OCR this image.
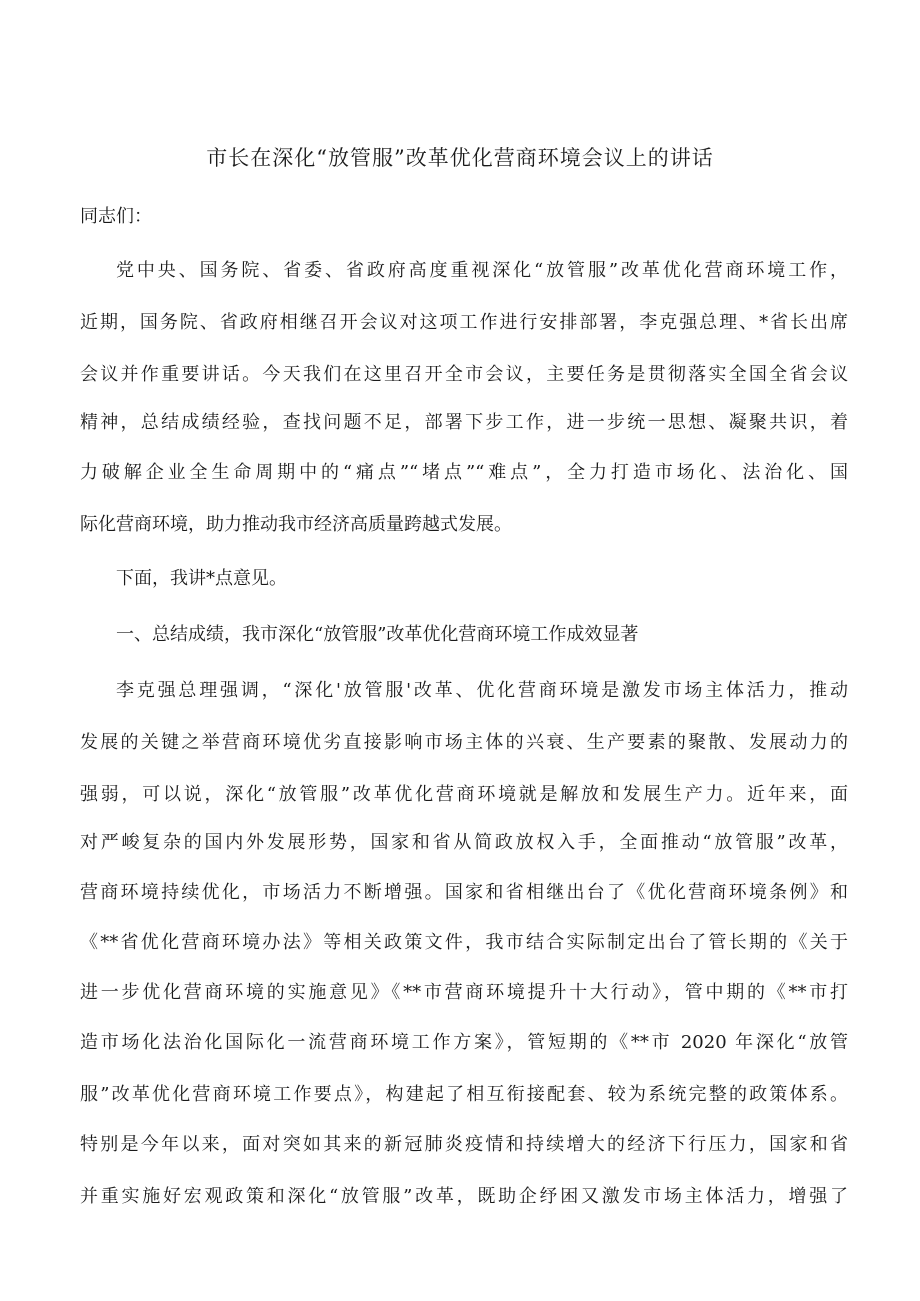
市长在深化“放管服”改革优化营商环境会议上的讲话
同志们：
党中央、国务院、省委、省政府高度重视深化“放管服”改革优化营商环境工作，
近期，国务院、省政府相继召开会议对这项工作进行安排部署，李克强总理、*省长出席
会议并作重要讲话。今天我们在这里召开全市会议，主要任务是贯彻落实全国全省会议
精神，总结成绩经验，查找问题不足，部署下步工作，进一步统一思想、凝聚共识，着
力破解企业全生命周期中的“痛点”“堵点”“难点”，全力打造市场化、法治化、国
际化营商环境，助力推动我市经济高质量跨越式发展。
下面，我讲*点意见。
一、总结成绩，我市深化“放管服”改革优化营商环境工作成效显著
李克强总理强调，“深化'放管服'改革、优化营商环境是激发市场主体活力，推动
发展的关键之举营商环境优劣直接影响市场主体的兴衰、生产要素的聚散、发展动力的
强弱，可以说，深化“放管服”改革优化营商环境就是解放和发展生产力。近年来，面
对严峻复杂的国内外发展形势，国家和省从简政放权入手，全面推动“放管服”改革，
营商环境持续优化，市场活力不断增强。国家和省相继出台了《优化营商环境条例》和
《**省优化营商环境办法》等相关政策文件，我市结合实际制定出台了管长期的《关于
进一步优化营商环境的实施意见》《**市营商环境提升十大行动》，管中期的《**市打
造市场化法治化国际化一流营商环境工作方案》，管短期的《**市 2020 年深化“放管
服”改革优化营商环境工作要点》，构建起了相互衔接配套、较为系统完整的政策体系。
特别是今年以来，面对突如其来的新冠肺炎疫情和持续增大的经济下行压力，国家和省
并重实施好宏观政策和深化“放管服”改革，既助企纾困又激发市场主体活力，增强了
